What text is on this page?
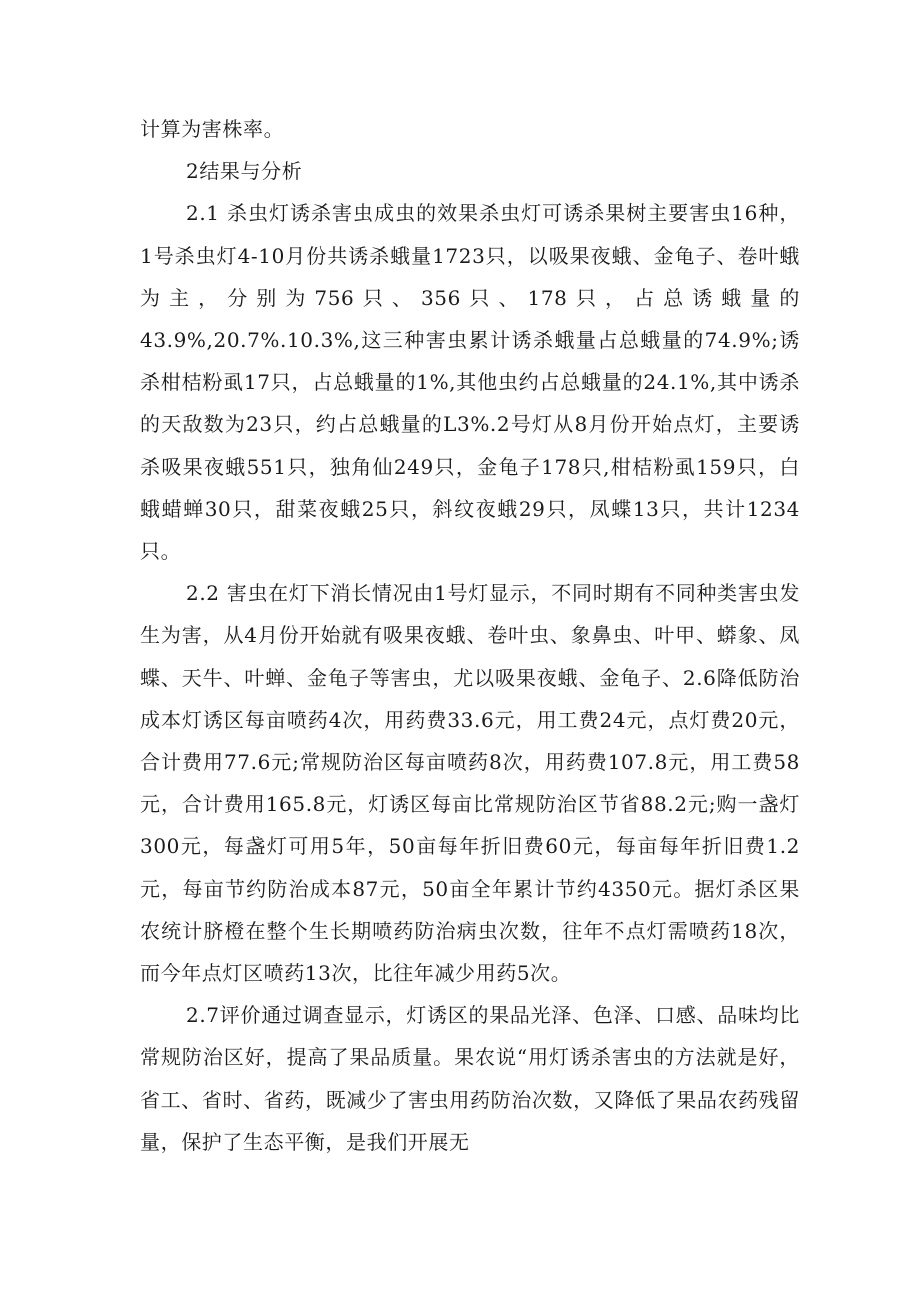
计算为害株率。

2结果与分析

2.1 杀虫灯诱杀害虫成虫的效果杀虫灯可诱杀果树主要害虫16种，1号杀虫灯4-10月份共诱杀蛾量1723只，以吸果夜蛾、金龟子、卷叶蛾为主，分别为756只、356只、178只，占总诱蛾量的43.9%,20.7%.10.3%,这三种害虫累计诱杀蛾量占总蛾量的74.9%;诱杀柑桔粉虱17只，占总蛾量的1%,其他虫约占总蛾量的24.1%,其中诱杀的天敌数为23只，约占总蛾量的L3%.2号灯从8月份开始点灯，主要诱杀吸果夜蛾551只，独角仙249只，金龟子178只,柑桔粉虱159只，白蛾蜡蝉30只，甜菜夜蛾25只，斜纹夜蛾29只，凤蝶13只，共计1234只。

2.2 害虫在灯下消长情况由1号灯显示，不同时期有不同种类害虫发生为害，从4月份开始就有吸果夜蛾、卷叶虫、象鼻虫、叶甲、蟒象、凤蝶、天牛、叶蝉、金龟子等害虫，尤以吸果夜蛾、金龟子、2.6降低防治成本灯诱区每亩喷药4次，用药费33.6元，用工费24元，点灯费20元，合计费用77.6元;常规防治区每亩喷药8次，用药费107.8元，用工费58元，合计费用165.8元，灯诱区每亩比常规防治区节省88.2元;购一盏灯300元，每盏灯可用5年，50亩每年折旧费60元，每亩每年折旧费1.2元，每亩节约防治成本87元，50亩全年累计节约4350元。据灯杀区果农统计脐橙在整个生长期喷药防治病虫次数，往年不点灯需喷药18次，而今年点灯区喷药13次，比往年减少用药5次。

2.7评价通过调查显示，灯诱区的果品光泽、色泽、口感、品味均比常规防治区好，提高了果品质量。果农说“用灯诱杀害虫的方法就是好，省工、省时、省药，既减少了害虫用药防治次数，又降低了果品农药残留量，保护了生态平衡，是我们开展无
